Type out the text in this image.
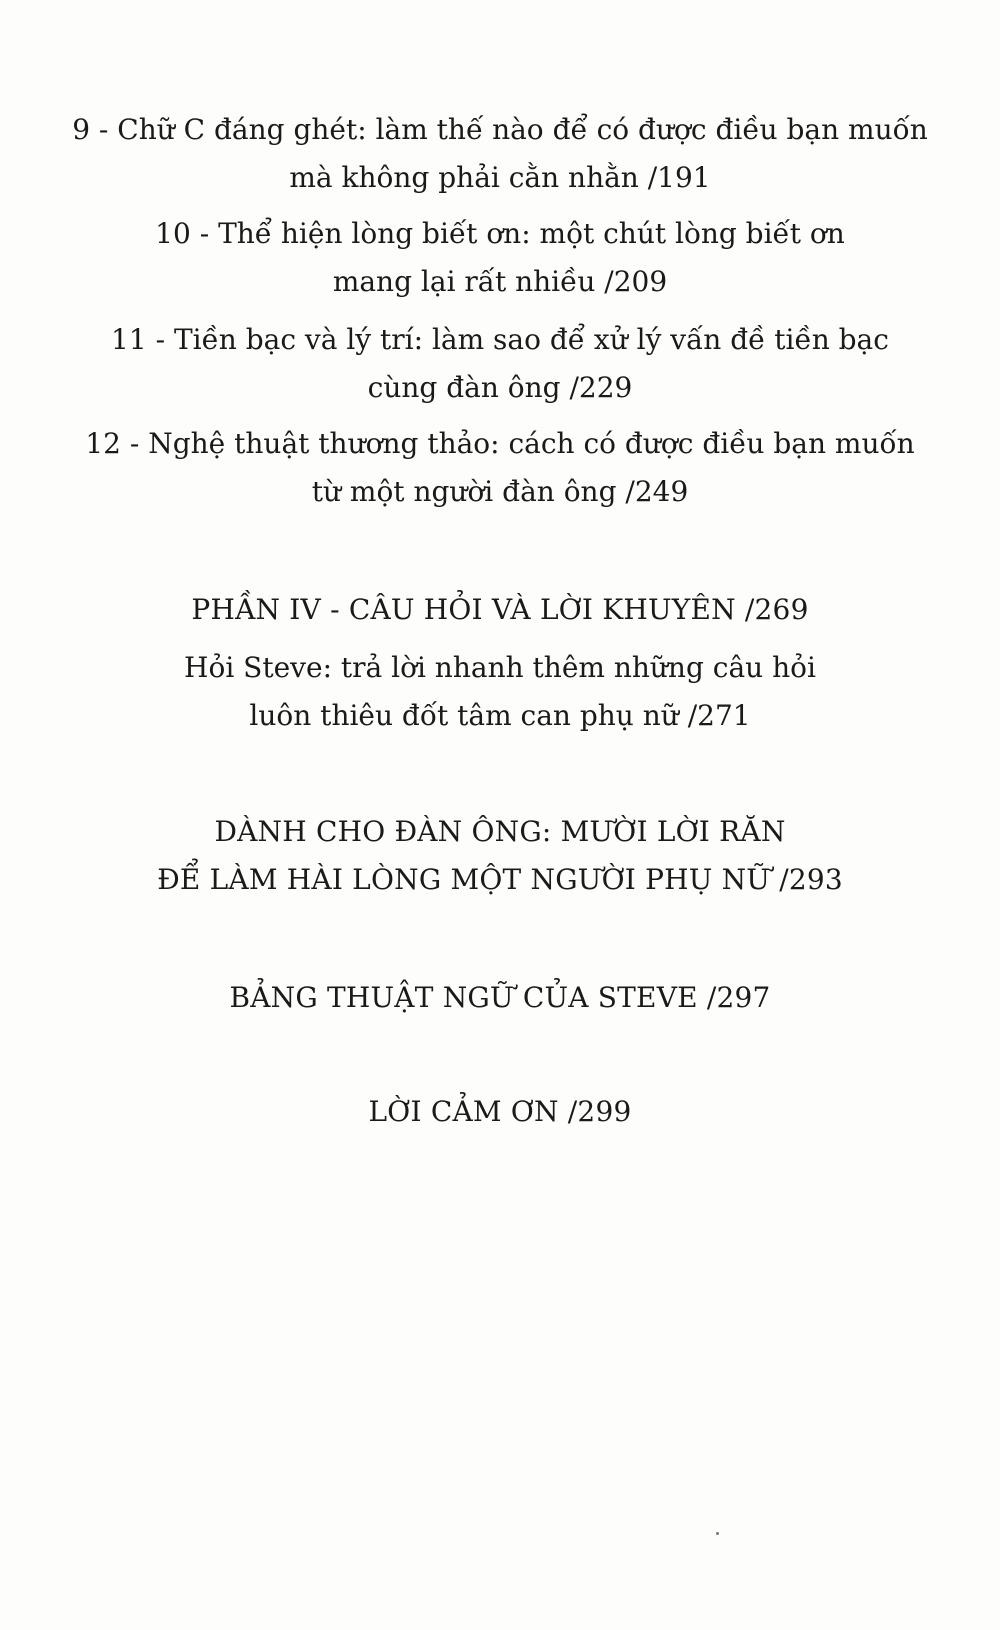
9 - Chữ C đáng ghét: làm thế nào để có được điều bạn muốn
mà không phải cằn nhằn /191
10 - Thể hiện lòng biết ơn: một chút lòng biết ơn
mang lại rất nhiều /209
11 - Tiền bạc và lý trí: làm sao để xử lý vấn đề tiền bạc
cùng đàn ông /229
12 - Nghệ thuật thương thảo: cách có được điều bạn muốn
từ một người đàn ông /249
PHẦN IV - CÂU HỎI VÀ LỜI KHUYÊN /269
Hỏi Steve: trả lời nhanh thêm những câu hỏi
luôn thiêu đốt tâm can phụ nữ /271
DÀNH CHO ĐÀN ÔNG: MƯỜI LỜI RĂN
ĐỂ LÀM HÀI LÒNG MỘT NGƯỜI PHỤ NỮ /293
BẢNG THUẬT NGỮ CỦA STEVE /297
LỜI CẢM ƠN /299
